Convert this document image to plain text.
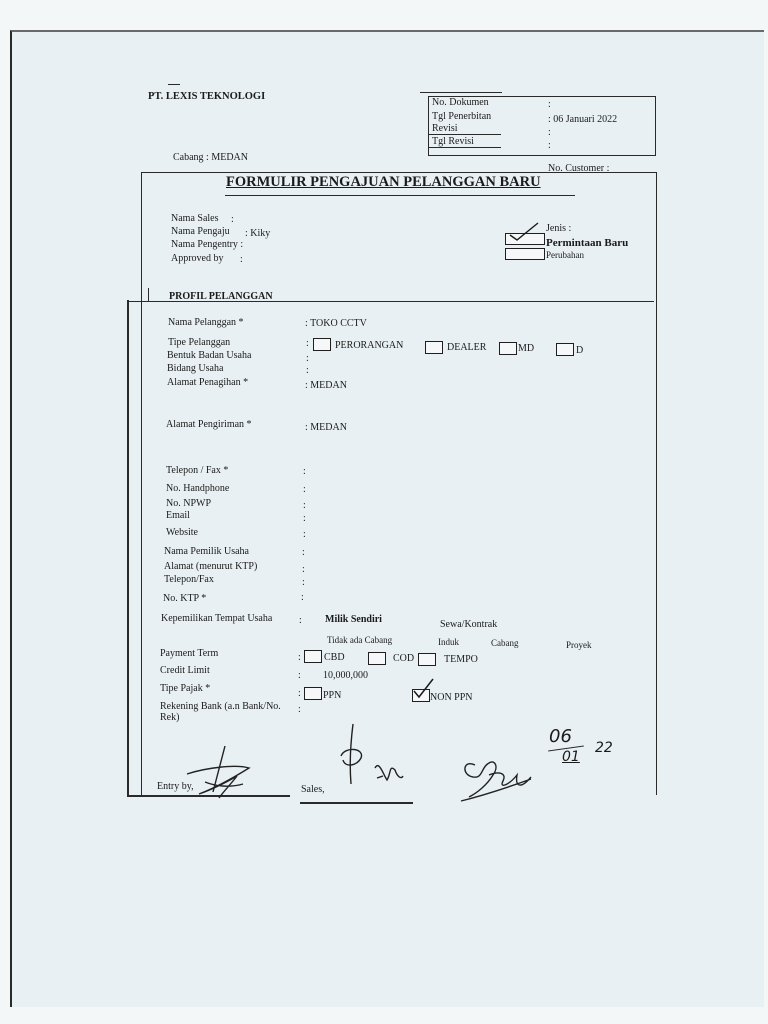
PT. LEXIS TEKNOLOGI
No. Dokumen	:
Tgl Penerbitan	: 06 Januari 2022
Revisi	:
Tgl Revisi	:
Cabang : MEDAN
No. Customer :
FORMULIR PENGAJUAN PELANGGAN BARU
Nama Sales :
Nama Pengaju : Kiky
Nama Pengentry :
Approved by :
Jenis :
Permintaan Baru
Perubahan
PROFIL PELANGGAN
Nama Pelanggan *	: TOKO CCTV
Tipe Pelanggan	:	PERORANGAN	DEALER	MD	D
Bentuk Badan Usaha	:
Bidang Usaha	:
Alamat Penagihan *	: MEDAN
Alamat Pengiriman *	: MEDAN
Telepon / Fax *	:
No. Handphone	:
No. NPWP	:
Email	:
Website	:
Nama Pemilik Usaha	:
Alamat (menurut KTP)	:
Telepon/Fax	:
No. KTP *	:
Kepemilikan Tempat Usaha	: Milik Sendiri	Sewa/Kontrak
Tidak ada Cabang	Induk	Cabang	Proyek
Payment Term	: CBD	COD	TEMPO
Credit Limit	: 10,000,000
Tipe Pajak *	: PPN	NON PPN
Rekening Bank (a.n Bank/No. :
Rek)
Entry by,	Sales,
06
01
22
